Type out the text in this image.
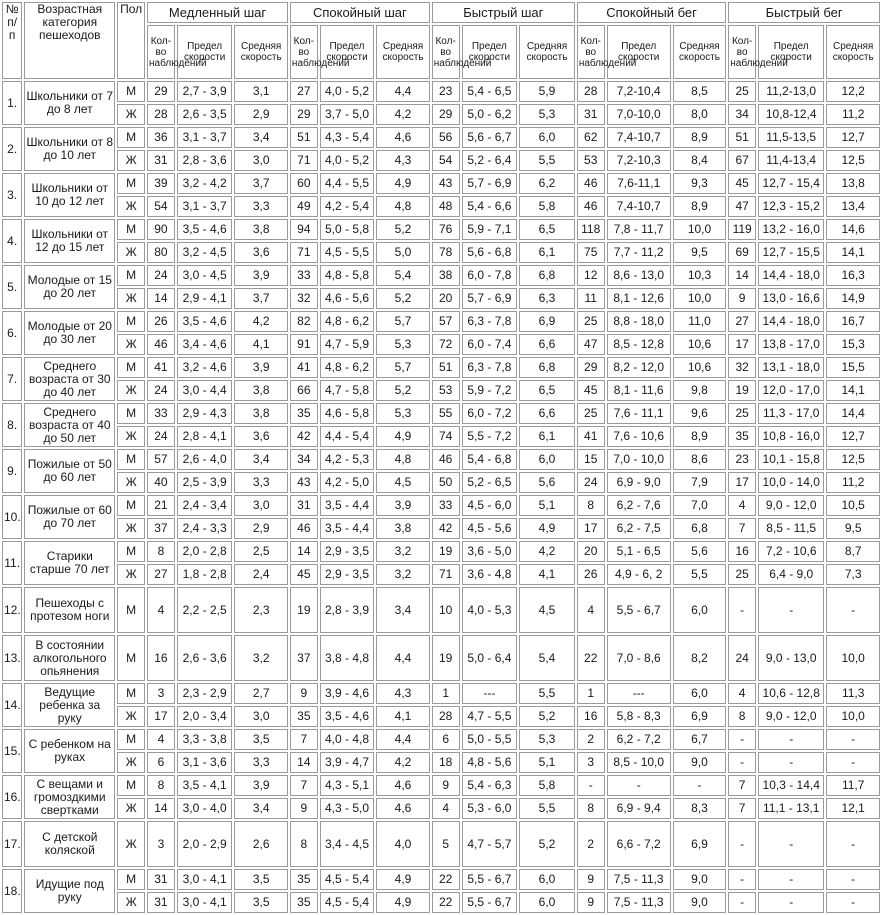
№ п/п	Возрастная категория пешеходов	Пол	Медленный шаг			Спокойный шаг			Быстрый шаг			Спокойный бег			Быстрый бег		
			Кол-во наблюдений	Предел скорости	Средняя скорость	Кол-во наблюдений	Предел скорости	Средняя скорость	Кол-во наблюдений	Предел скорости	Средняя скорость	Кол-во наблюдений	Предел скорости	Средняя скорость	Кол-во наблюдений	Предел скорости	Средняя скорость
1.	Школьники от 7 до 8 лет	М	29	2,7 - 3,9	3,1	27	4,0 - 5,2	4,4	23	5,4 - 6,5	5,9	28	7,2-10,4	8,5	25	11,2-13,0	12,2
		Ж	28	2,6 - 3,5	2,9	29	3,7 - 5,0	4,2	29	5,0 - 6,2	5,3	31	7,0-10,0	8,0	34	10,8-12,4	11,2
2.	Школьники от 8 до 10 лет	М	36	3,1 - 3,7	3,4	51	4,3 - 5,4	4,6	56	5,6 - 6,7	6,0	62	7,4-10,7	8,9	51	11,5-13,5	12,7
		Ж	31	2,8 - 3,6	3,0	71	4,0 - 5,2	4,3	54	5,2 - 6,4	5,5	53	7,2-10,3	8,4	67	11,4-13,4	12,5
3.	Школьники от 10 до 12 лет	М	39	3,2 - 4,2	3,7	60	4,4 - 5,5	4,9	43	5,7 - 6,9	6,2	46	7,6-11,1	9,3	45	12,7 - 15,4	13,8
		Ж	54	3,1 - 3,7	3,3	49	4,2 - 5,4	4,8	48	5,4 - 6,6	5,8	46	7,4-10,7	8,9	47	12,3 - 15,2	13,4
4.	Школьники от 12 до 15 лет	М	90	3,5 - 4,6	3,8	94	5,0 - 5,8	5,2	76	5,9 - 7,1	6,5	118	7,8 - 11,7	10,0	119	13,2 - 16,0	14,6
		Ж	80	3,2 - 4,5	3,6	71	4,5 - 5,5	5,0	78	5,6 - 6,8	6,1	75	7,7 - 11,2	9,5	69	12,7 - 15,5	14,1
5.	Молодые от 15 до 20 лет	М	24	3,0 - 4,5	3,9	33	4,8 - 5,8	5,4	38	6,0 - 7,8	6,8	12	8,6 - 13,0	10,3	14	14,4 - 18,0	16,3
		Ж	14	2,9 - 4,1	3,7	32	4,6 - 5,6	5,2	20	5,7 - 6,9	6,3	11	8,1 - 12,6	10,0	9	13,0 - 16,6	14,9
6.	Молодые от 20 до 30 лет	М	26	3,5 - 4,6	4,2	82	4,8 - 6,2	5,7	57	6,3 - 7,8	6,9	25	8,8 - 18,0	11,0	27	14,4 - 18,0	16,7
		Ж	46	3,4 - 4,6	4,1	91	4,7 - 5,9	5,3	72	6,0 - 7,4	6,6	47	8,5 - 12,8	10,6	17	13,8 - 17,0	15,3
7.	Среднего возраста от 30 до 40 лет	М	41	3,2 - 4,6	3,9	41	4,8 - 6,2	5,7	51	6,3 - 7,8	6,8	29	8,2 - 12,0	10,6	32	13,1 - 18,0	15,5
		Ж	24	3,0 - 4,4	3,8	66	4,7 - 5,8	5,2	53	5,9 - 7,2	6,5	45	8,1 - 11,6	9,8	19	12,0 - 17,0	14,1
8.	Среднего возраста от 40 до 50 лет	М	33	2,9 - 4,3	3,8	35	4,6 - 5,8	5,3	55	6,0 - 7,2	6,6	25	7,6 - 11,1	9,6	25	11,3 - 17,0	14,4
		Ж	24	2,8 - 4,1	3,6	42	4,4 - 5,4	4,9	74	5,5 - 7,2	6,1	41	7,6 - 10,6	8,9	35	10,8 - 16,0	12,7
9.	Пожилые от 50 до 60 лет	М	57	2,6 - 4,0	3,4	34	4,2 - 5,3	4,8	46	5,4 - 6,8	6,0	15	7,0 - 10,0	8,6	23	10,1 - 15,8	12,5
		Ж	40	2,5 - 3,9	3,3	43	4,2 - 5,0	4,5	50	5,2 - 6,5	5,6	24	6,9 - 9,0	7,9	17	10,0 - 14,0	11,2
10.	Пожилые от 60 до 70 лет	М	21	2,4 - 3,4	3,0	31	3,5 - 4,4	3,9	33	4,5 - 6,0	5,1	8	6,2 - 7,6	7,0	4	9,0 - 12,0	10,5
		Ж	37	2,4 - 3,3	2,9	46	3,5 - 4,4	3,8	42	4,5 - 5,6	4,9	17	6,2 - 7,5	6,8	7	8,5 - 11,5	9,5
11.	Старики старше 70 лет	М	8	2,0 - 2,8	2,5	14	2,9 - 3,5	3,2	19	3,6 - 5,0	4,2	20	5,1 - 6,5	5,6	16	7,2 - 10,6	8,7
		Ж	27	1,8 - 2,8	2,4	45	2,9 - 3,5	3,2	71	3,6 - 4,8	4,1	26	4,9 - 6, 2	5,5	25	6,4 - 9,0	7,3
12.	Пешеходы с протезом ноги	М	4	2,2 - 2,5	2,3	19	2,8 - 3,9	3,4	10	4,0 - 5,3	4,5	4	5,5 - 6,7	6,0	-	-	-
13.	В состоянии алкогольного опьянения	М	16	2,6 - 3,6	3,2	37	3,8 - 4,8	4,4	19	5,0 - 6,4	5,4	22	7,0 - 8,6	8,2	24	9,0 - 13,0	10,0
14.	Ведущие ребенка за руку	М	3	2,3 - 2,9	2,7	9	3,9 - 4,6	4,3	1	---	5,5	1	---	6,0	4	10,6 - 12,8	11,3
		Ж	17	2,0 - 3,4	3,0	35	3,5 - 4,6	4,1	28	4,7 - 5,5	5,2	16	5,8 - 8,3	6,9	8	9,0 - 12,0	10,0
15.	С ребенком на руках	М	4	3,3 - 3,8	3,5	7	4,0 - 4,8	4,4	6	5,0 - 5,5	5,3	2	6,2 - 7,2	6,7	-	-	-
		Ж	6	3,1 - 3,6	3,3	14	3,9 - 4,7	4,2	18	4,8 - 5,6	5,1	3	8,5 - 10,0	9,0	-	-	-
16.	С вещами и громоздкими свертками	М	8	3,5 - 4,1	3,9	7	4,3 - 5,1	4,6	9	5,4 - 6,3	5,8	-	-	-	7	10,3 - 14,4	11,7
		Ж	14	3,0 - 4,0	3,4	9	4,3 - 5,0	4,6	4	5,3 - 6,0	5,5	8	6,9 - 9,4	8,3	7	11,1 - 13,1	12,1
17.	С детской коляской	Ж	3	2,0 - 2,9	2,6	8	3,4 - 4,5	4,0	5	4,7 - 5,7	5,2	2	6,6 - 7,2	6,9	-	-	-
18.	Идущие под руку	М	31	3,0 - 4,1	3,5	35	4,5 - 5,4	4,9	22	5,5 - 6,7	6,0	9	7,5 - 11,3	9,0	-	-	-
		Ж	31	3,0 - 4,1	3,5	35	4,5 - 5,4	4,9	22	5,5 - 6,7	6,0	9	7,5 - 11,3	9,0	-	-	-
